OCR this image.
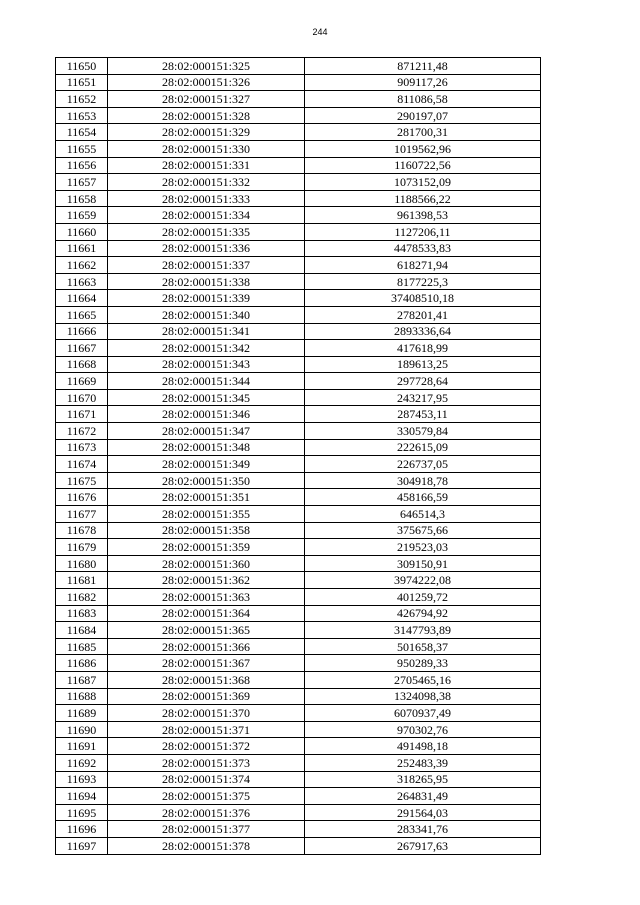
244
11650	28:02:000151:325	871211,48
11651	28:02:000151:326	909117,26
11652	28:02:000151:327	811086,58
11653	28:02:000151:328	290197,07
11654	28:02:000151:329	281700,31
11655	28:02:000151:330	1019562,96
11656	28:02:000151:331	1160722,56
11657	28:02:000151:332	1073152,09
11658	28:02:000151:333	1188566,22
11659	28:02:000151:334	961398,53
11660	28:02:000151:335	1127206,11
11661	28:02:000151:336	4478533,83
11662	28:02:000151:337	618271,94
11663	28:02:000151:338	8177225,3
11664	28:02:000151:339	37408510,18
11665	28:02:000151:340	278201,41
11666	28:02:000151:341	2893336,64
11667	28:02:000151:342	417618,99
11668	28:02:000151:343	189613,25
11669	28:02:000151:344	297728,64
11670	28:02:000151:345	243217,95
11671	28:02:000151:346	287453,11
11672	28:02:000151:347	330579,84
11673	28:02:000151:348	222615,09
11674	28:02:000151:349	226737,05
11675	28:02:000151:350	304918,78
11676	28:02:000151:351	458166,59
11677	28:02:000151:355	646514,3
11678	28:02:000151:358	375675,66
11679	28:02:000151:359	219523,03
11680	28:02:000151:360	309150,91
11681	28:02:000151:362	3974222,08
11682	28:02:000151:363	401259,72
11683	28:02:000151:364	426794,92
11684	28:02:000151:365	3147793,89
11685	28:02:000151:366	501658,37
11686	28:02:000151:367	950289,33
11687	28:02:000151:368	2705465,16
11688	28:02:000151:369	1324098,38
11689	28:02:000151:370	6070937,49
11690	28:02:000151:371	970302,76
11691	28:02:000151:372	491498,18
11692	28:02:000151:373	252483,39
11693	28:02:000151:374	318265,95
11694	28:02:000151:375	264831,49
11695	28:02:000151:376	291564,03
11696	28:02:000151:377	283341,76
11697	28:02:000151:378	267917,63
